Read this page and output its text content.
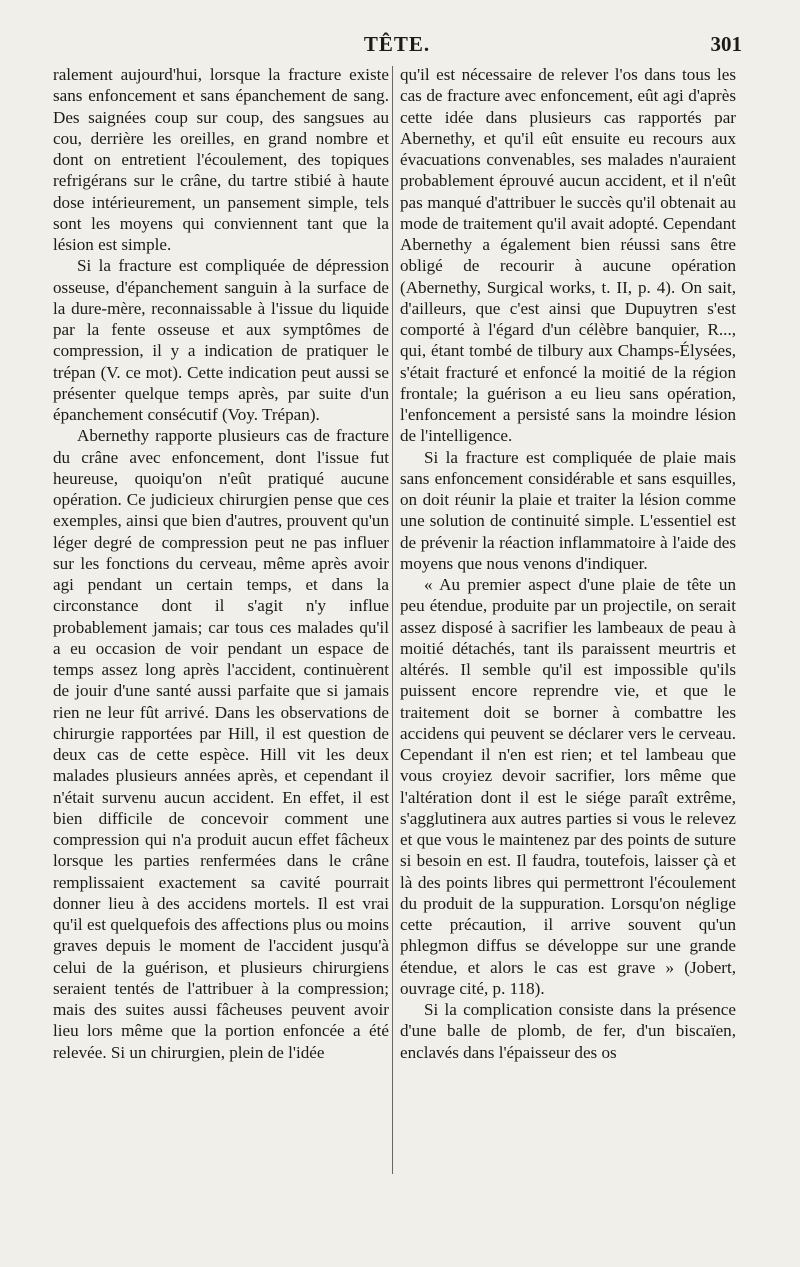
TÊTE.	301

ralement aujourd'hui, lorsque la fracture existe sans enfoncement et sans épanchement de sang. Des saignées coup sur coup, des sangsues au cou, derrière les oreilles, en grand nombre et dont on entretient l'écoulement, des topiques refrigérans sur le crâne, du tartre stibié à haute dose intérieurement, un pansement simple, tels sont les moyens qui conviennent tant que la lésion est simple.

Si la fracture est compliquée de dépression osseuse, d'épanchement sanguin à la surface de la dure-mère, reconnaissable à l'issue du liquide par la fente osseuse et aux symptômes de compression, il y a indication de pratiquer le trépan (V. ce mot). Cette indication peut aussi se présenter quelque temps après, par suite d'un épanchement consécutif (Voy. Trépan).

Abernethy rapporte plusieurs cas de fracture du crâne avec enfoncement, dont l'issue fut heureuse, quoiqu'on n'eût pratiqué aucune opération. Ce judicieux chirurgien pense que ces exemples, ainsi que bien d'autres, prouvent qu'un léger degré de compression peut ne pas influer sur les fonctions du cerveau, même après avoir agi pendant un certain temps, et dans la circonstance dont il s'agit n'y influe probablement jamais; car tous ces malades qu'il a eu occasion de voir pendant un espace de temps assez long après l'accident, continuèrent de jouir d'une santé aussi parfaite que si jamais rien ne leur fût arrivé. Dans les observations de chirurgie rapportées par Hill, il est question de deux cas de cette espèce. Hill vit les deux malades plusieurs années après, et cependant il n'était survenu aucun accident. En effet, il est bien difficile de concevoir comment une compression qui n'a produit aucun effet fâcheux lorsque les parties renfermées dans le crâne remplissaient exactement sa cavité pourrait donner lieu à des accidens mortels. Il est vrai qu'il est quelquefois des affections plus ou moins graves depuis le moment de l'accident jusqu'à celui de la guérison, et plusieurs chirurgiens seraient tentés de l'attribuer à la compression; mais des suites aussi fâcheuses peuvent avoir lieu lors même que la portion enfoncée a été relevée. Si un chirurgien, plein de l'idée

qu'il est nécessaire de relever l'os dans tous les cas de fracture avec enfoncement, eût agi d'après cette idée dans plusieurs cas rapportés par Abernethy, et qu'il eût ensuite eu recours aux évacuations convenables, ses malades n'auraient probablement éprouvé aucun accident, et il n'eût pas manqué d'attribuer le succès qu'il obtenait au mode de traitement qu'il avait adopté. Cependant Abernethy a également bien réussi sans être obligé de recourir à aucune opération (Abernethy, Surgical works, t. II, p. 4). On sait, d'ailleurs, que c'est ainsi que Dupuytren s'est comporté à l'égard d'un célèbre banquier, R..., qui, étant tombé de tilbury aux Champs-Élysées, s'était fracturé et enfoncé la moitié de la région frontale; la guérison a eu lieu sans opération, l'enfoncement a persisté sans la moindre lésion de l'intelligence.

Si la fracture est compliquée de plaie mais sans enfoncement considérable et sans esquilles, on doit réunir la plaie et traiter la lésion comme une solution de continuité simple. L'essentiel est de prévenir la réaction inflammatoire à l'aide des moyens que nous venons d'indiquer.

« Au premier aspect d'une plaie de tête un peu étendue, produite par un projectile, on serait assez disposé à sacrifier les lambeaux de peau à moitié détachés, tant ils paraissent meurtris et altérés. Il semble qu'il est impossible qu'ils puissent encore reprendre vie, et que le traitement doit se borner à combattre les accidens qui peuvent se déclarer vers le cerveau. Cependant il n'en est rien; et tel lambeau que vous croyiez devoir sacrifier, lors même que l'altération dont il est le siége paraît extrême, s'agglutinera aux autres parties si vous le relevez et que vous le maintenez par des points de suture si besoin en est. Il faudra, toutefois, laisser çà et là des points libres qui permettront l'écoulement du produit de la suppuration. Lorsqu'on néglige cette précaution, il arrive souvent qu'un phlegmon diffus se développe sur une grande étendue, et alors le cas est grave » (Jobert, ouvrage cité, p. 118).

Si la complication consiste dans la présence d'une balle de plomb, de fer, d'un biscaïen, enclavés dans l'épaisseur des os
